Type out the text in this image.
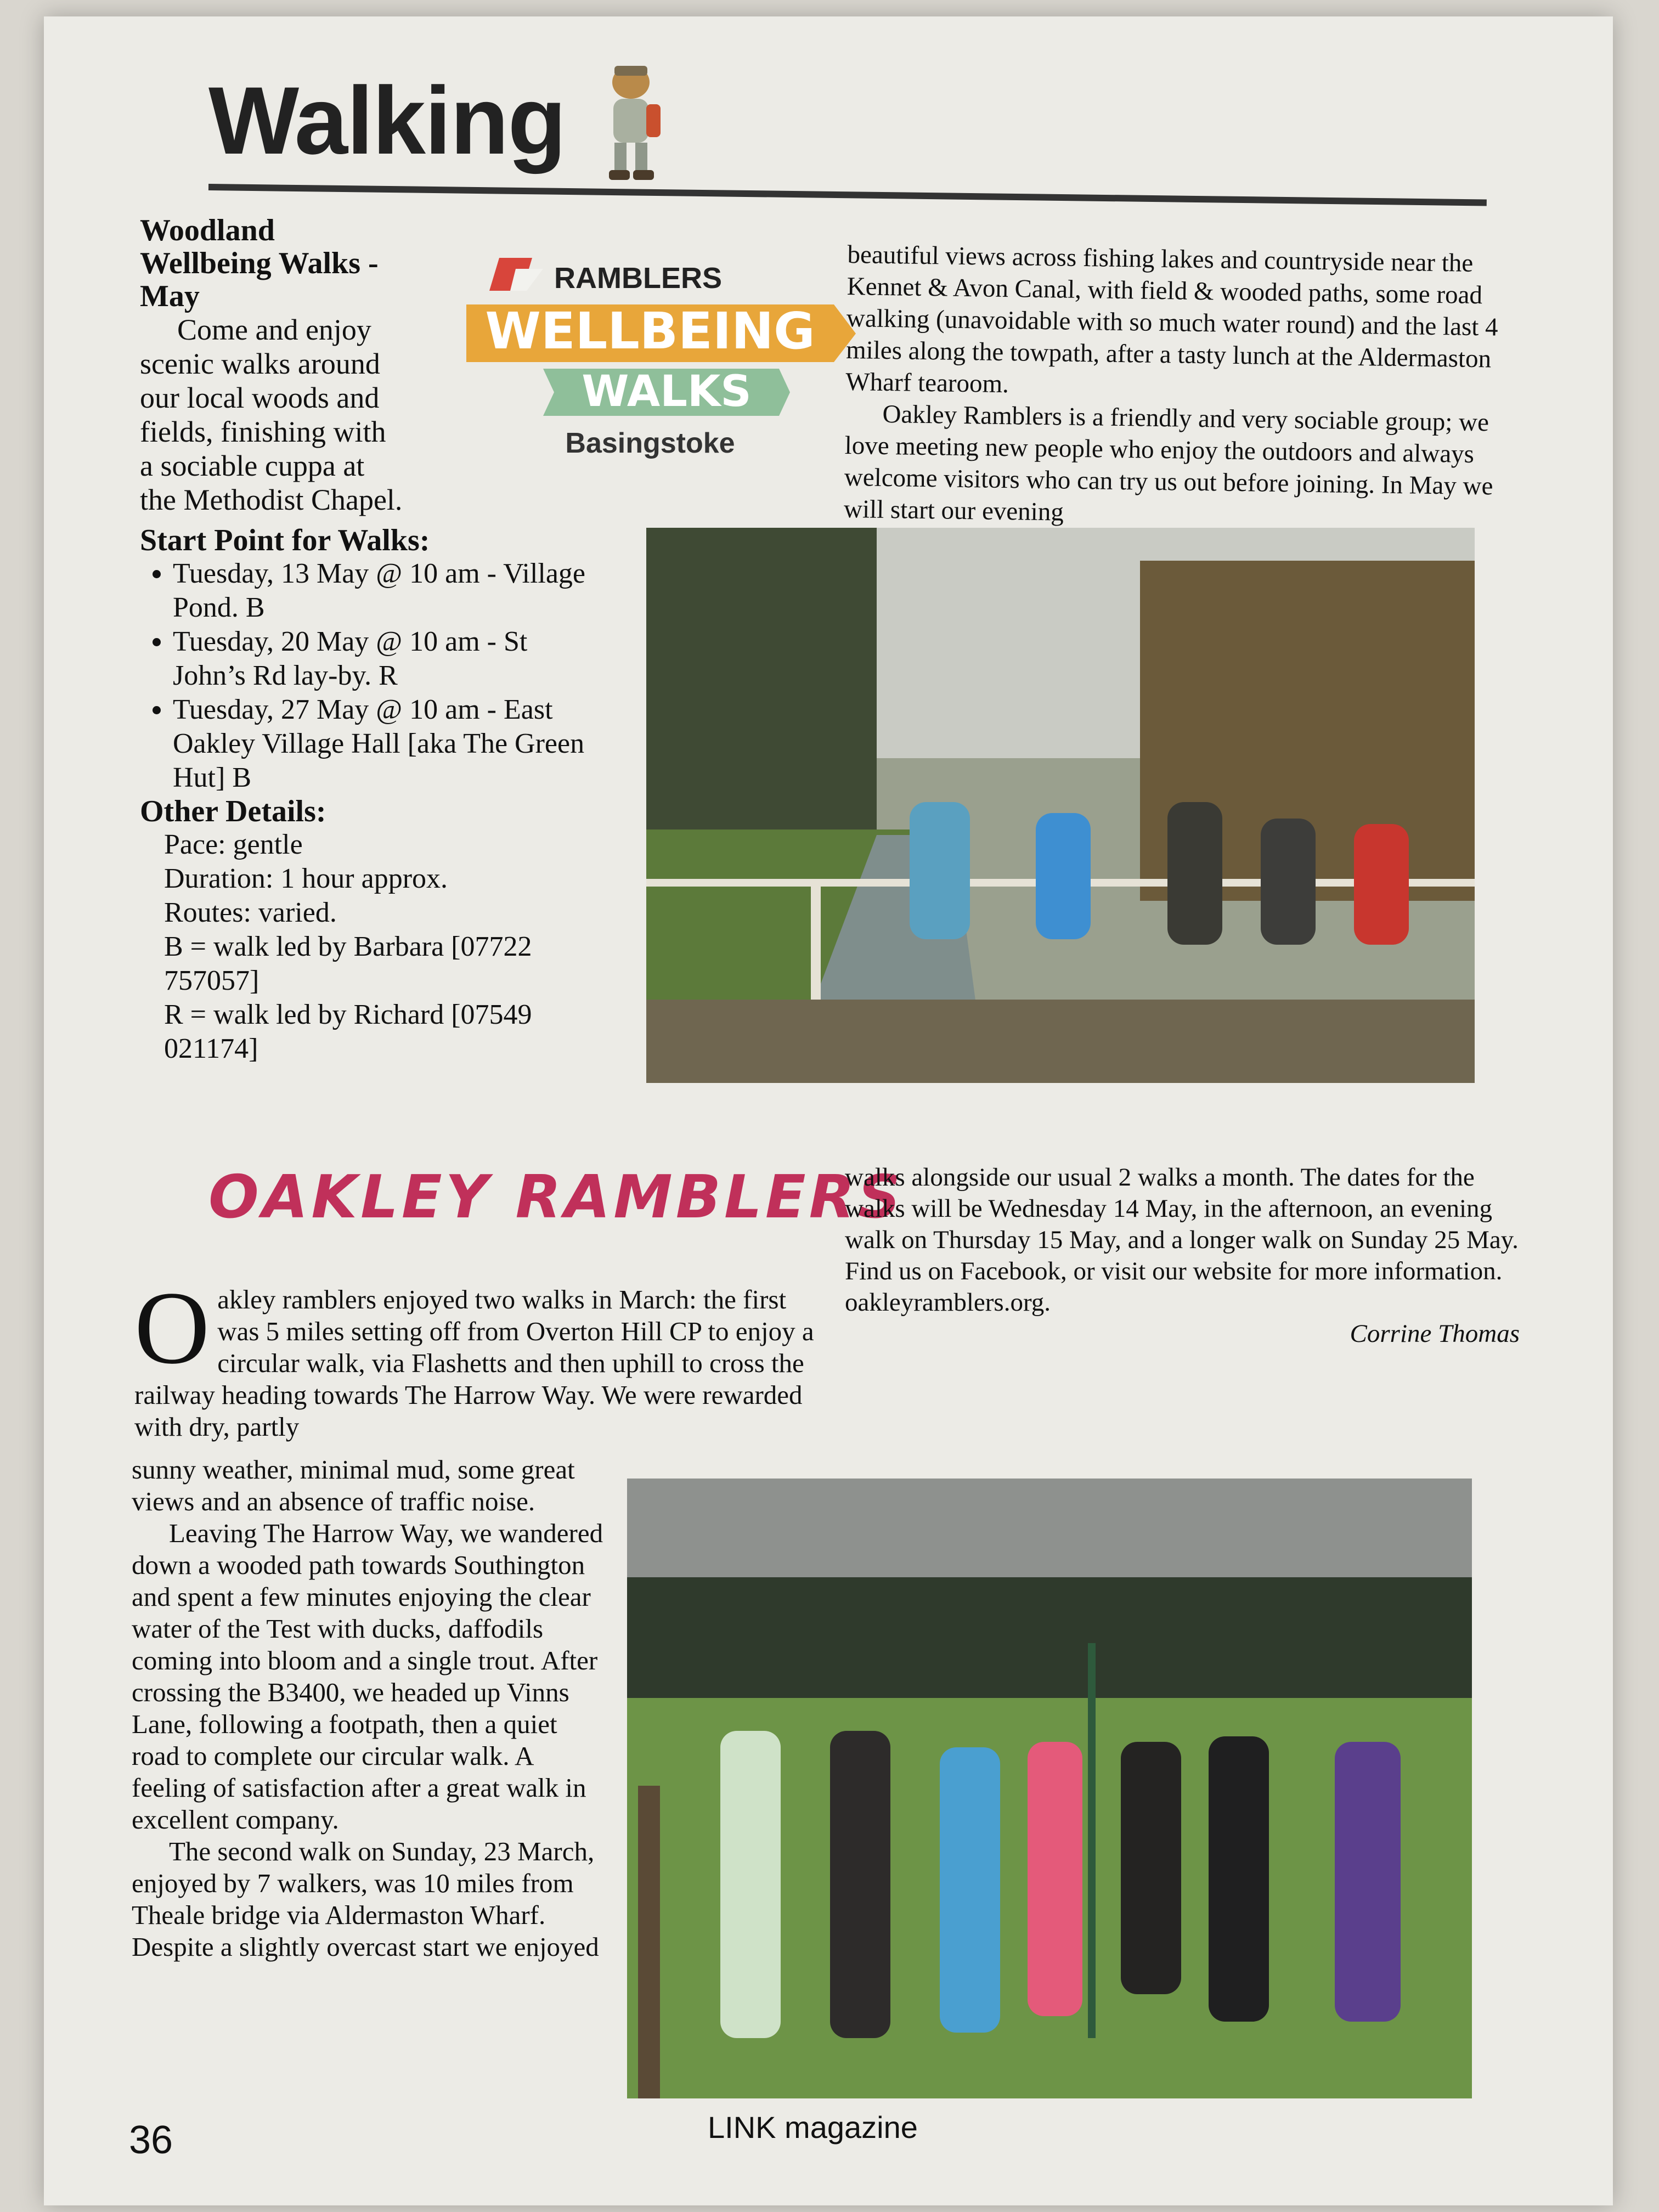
Walking
Woodland Wellbeing Walks - May
Come and enjoy scenic walks around our local woods and fields, finishing with a sociable cuppa at the Methodist Chapel.
RAMBLERS
WELLBEING
WALKS
Basingstoke
beautiful views across fishing lakes and countryside near the Kennet & Avon Canal, with field & wooded paths, some road walking (unavoidable with so much water round) and the last 4 miles along the towpath, after a tasty lunch at the Aldermaston Wharf tearoom.
Oakley Ramblers is a friendly and very sociable group; we love meeting new people who enjoy the outdoors and always welcome visitors who can try us out before joining. In May we will start our evening
Start Point for Walks:
• Tuesday, 13 May @ 10 am - Village Pond. B
• Tuesday, 20 May @ 10 am - St John’s Rd lay-by. R
• Tuesday, 27 May @ 10 am - East Oakley Village Hall [aka The Green Hut] B
Other Details:
Pace: gentle
Duration: 1 hour approx.
Routes: varied.
B = walk led by Barbara [07722 757057]
R = walk led by Richard [07549 021174]
OAKLEY RAMBLERS
walks alongside our usual 2 walks a month. The dates for the walks will be Wednesday 14 May, in the afternoon, an evening walk on Thursday 15 May, and a longer walk on Sunday 25 May. Find us on Facebook, or visit our website for more information. oakleyramblers.org.
Corrine Thomas
O akley ramblers enjoyed two walks in March: the first was 5 miles setting off from Overton Hill CP to enjoy a circular walk, via Flashetts and then uphill to cross the railway heading towards The Harrow Way. We were rewarded with dry, partly
sunny weather, minimal mud, some great views and an absence of traffic noise.
Leaving The Harrow Way, we wandered down a wooded path towards Southington and spent a few minutes enjoying the clear water of the Test with ducks, daffodils coming into bloom and a single trout. After crossing the B3400, we headed up Vinns Lane, following a footpath, then a quiet road to complete our circular walk. A feeling of satisfaction after a great walk in excellent company.
The second walk on Sunday, 23 March, enjoyed by 7 walkers, was 10 miles from Theale bridge via Aldermaston Wharf. Despite a slightly overcast start we enjoyed
36	LINK magazine
